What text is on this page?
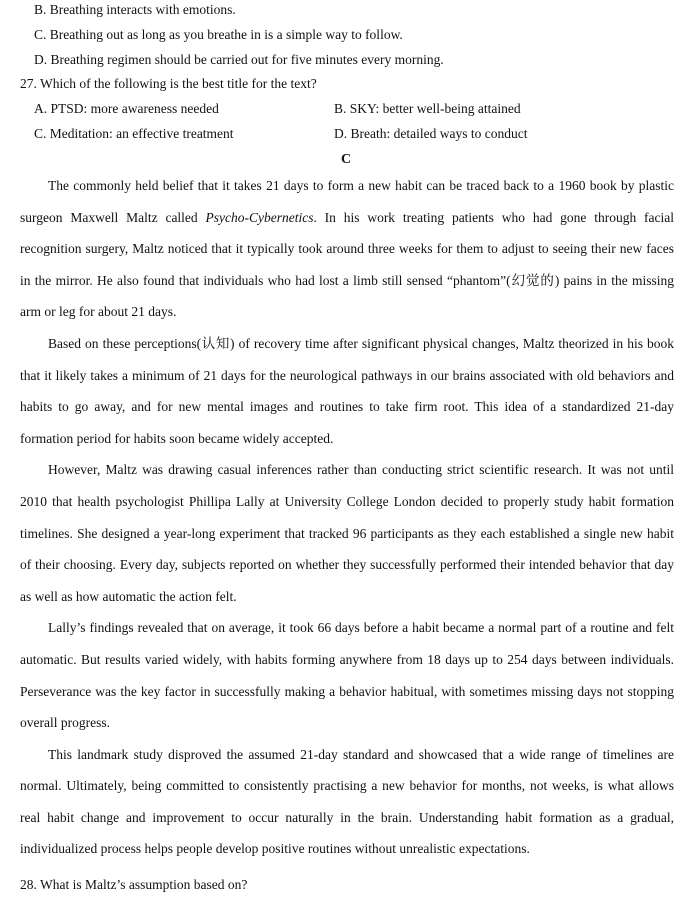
B. Breathing interacts with emotions.
C. Breathing out as long as you breathe in is a simple way to follow.
D. Breathing regimen should be carried out for five minutes every morning.
27. Which of the following is the best title for the text?
A. PTSD: more awareness needed	B. SKY: better well-being attained
C. Meditation: an effective treatment	D. Breath: detailed ways to conduct
C

The commonly held belief that it takes 21 days to form a new habit can be traced back to a 1960 book by plastic surgeon Maxwell Maltz called Psycho-Cybernetics. In his work treating patients who had gone through facial recognition surgery, Maltz noticed that it typically took around three weeks for them to adjust to seeing their new faces in the mirror. He also found that individuals who had lost a limb still sensed “phantom”(幻觉的) pains in the missing arm or leg for about 21 days.

Based on these perceptions(认知) of recovery time after significant physical changes, Maltz theorized in his book that it likely takes a minimum of 21 days for the neurological pathways in our brains associated with old behaviors and habits to go away, and for new mental images and routines to take firm root. This idea of a standardized 21-day formation period for habits soon became widely accepted.

However, Maltz was drawing casual inferences rather than conducting strict scientific research. It was not until 2010 that health psychologist Phillipa Lally at University College London decided to properly study habit formation timelines. She designed a year-long experiment that tracked 96 participants as they each established a single new habit of their choosing. Every day, subjects reported on whether they successfully performed their intended behavior that day as well as how automatic the action felt.

Lally’s findings revealed that on average, it took 66 days before a habit became a normal part of a routine and felt automatic. But results varied widely, with habits forming anywhere from 18 days up to 254 days between individuals. Perseverance was the key factor in successfully making a behavior habitual, with sometimes missing days not stopping overall progress.

This landmark study disproved the assumed 21-day standard and showcased that a wide range of timelines are normal. Ultimately, being committed to consistently practising a new behavior for months, not weeks, is what allows real habit change and improvement to occur naturally in the brain. Understanding habit formation as a gradual, individualized process helps people develop positive routines without unrealistic expectations.

28. What is Maltz’s assumption based on?
